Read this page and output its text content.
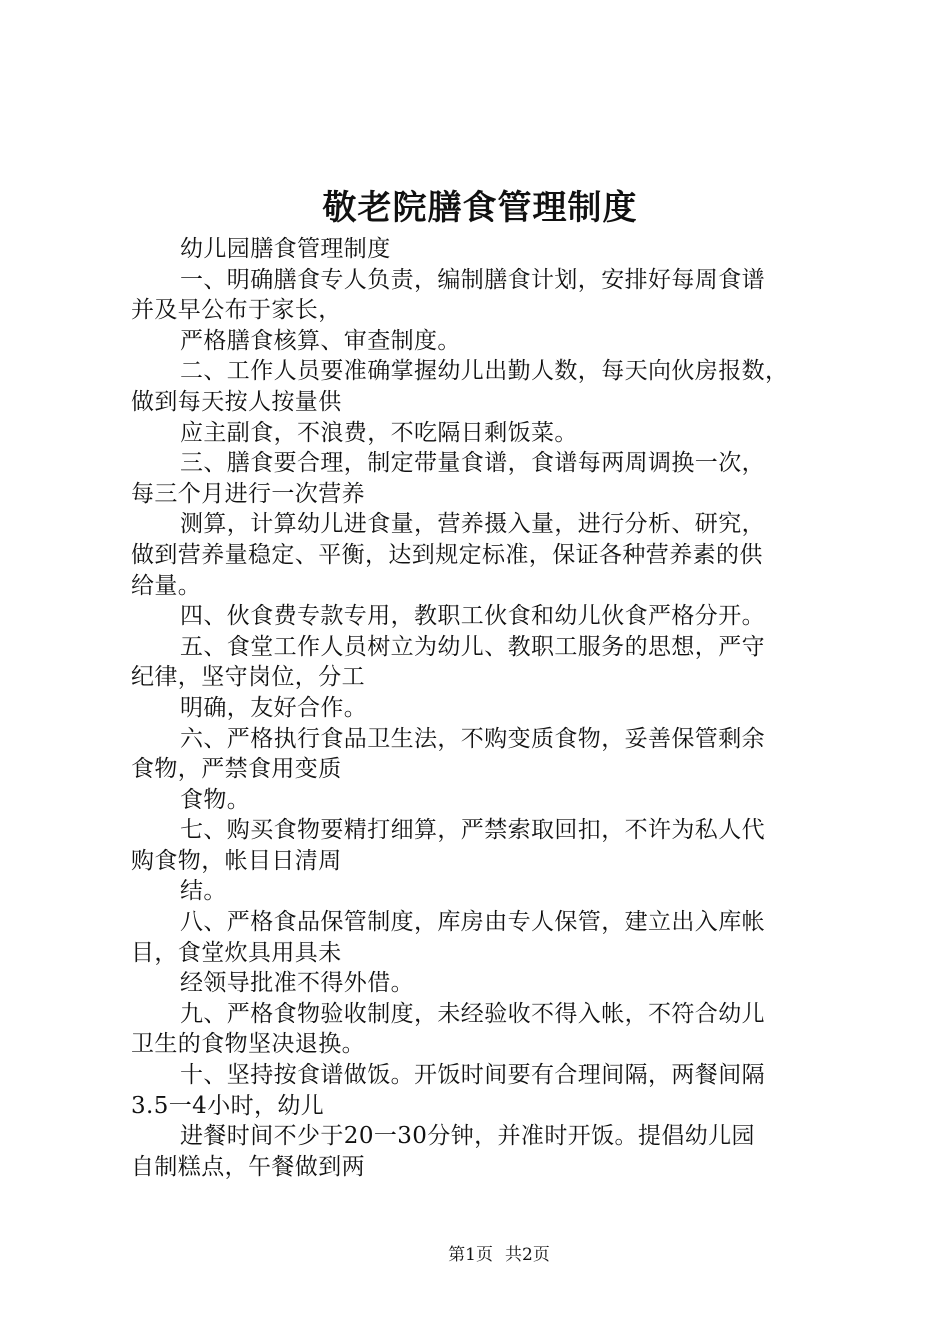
敬老院膳食管理制度

幼儿园膳食管理制度

一、明确膳食专人负责，编制膳食计划，安排好每周食谱

并及早公布于家长，

严格膳食核算、审查制度。

二、工作人员要准确掌握幼儿出勤人数，每天向伙房报数，

做到每天按人按量供

应主副食，不浪费，不吃隔日剩饭菜。

三、膳食要合理，制定带量食谱，食谱每两周调换一次，

每三个月进行一次营养

测算，计算幼儿进食量，营养摄入量，进行分析、研究，

做到营养量稳定、平衡，达到规定标准，保证各种营养素的供

给量。

四、伙食费专款专用，教职工伙食和幼儿伙食严格分开。

五、食堂工作人员树立为幼儿、教职工服务的思想，严守

纪律，坚守岗位，分工

明确，友好合作。

六、严格执行食品卫生法，不购变质食物，妥善保管剩余

食物，严禁食用变质

食物。

七、购买食物要精打细算，严禁索取回扣，不许为私人代

购食物，帐目日清周

结。

八、严格食品保管制度，库房由专人保管，建立出入库帐

目，食堂炊具用具未

经领导批准不得外借。

九、严格食物验收制度，未经验收不得入帐，不符合幼儿

卫生的食物坚决退换。

十、坚持按食谱做饭。开饭时间要有合理间隔，两餐间隔

3.5一4小时，幼儿

进餐时间不少于20一30分钟，并准时开饭。提倡幼儿园

自制糕点，午餐做到两

第1页 共2页
